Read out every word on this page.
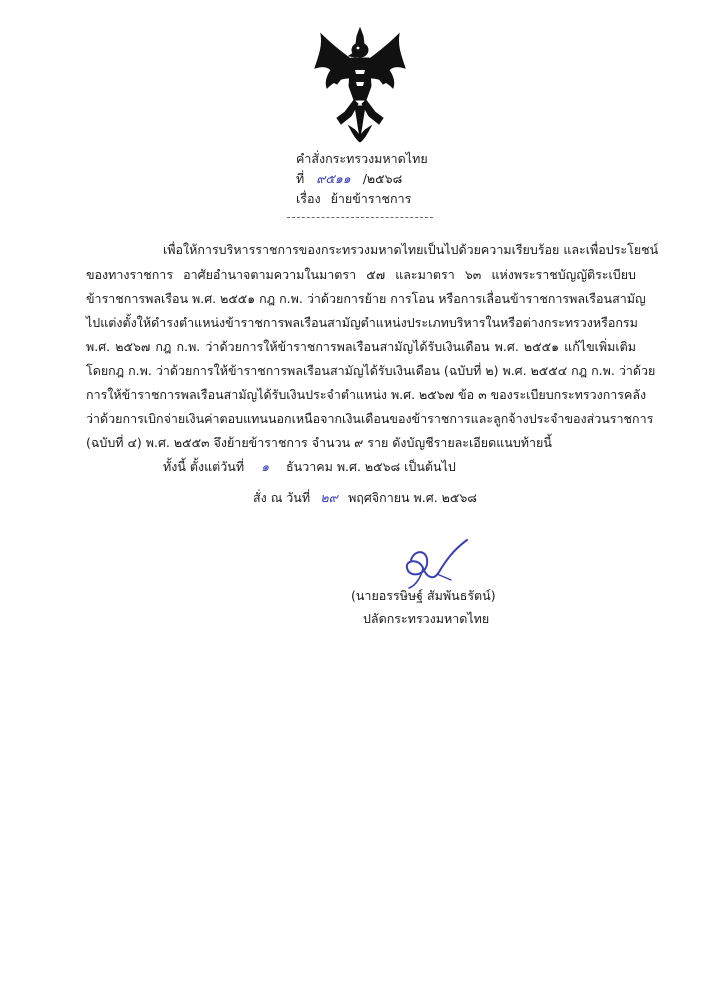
คำสั่งกระทรวงมหาดไทย
ที่ ๙๕๑๑ /๒๕๖๘
เรื่อง ย้ายข้าราชการ
เพื่อให้การบริหารราชการของกระทรวงมหาดไทยเป็นไปด้วยความเรียบร้อย และเพื่อประโยชน์
ของทางราชการ อาศัยอำนาจตามความในมาตรา ๕๗ และมาตรา ๖๓ แห่งพระราชบัญญัติระเบียบ
ข้าราชการพลเรือน พ.ศ. ๒๕๕๑ กฎ ก.พ. ว่าด้วยการย้าย การโอน หรือการเลื่อนข้าราชการพลเรือนสามัญ
ไปแต่งตั้งให้ดำรงตำแหน่งข้าราชการพลเรือนสามัญตำแหน่งประเภทบริหารในหรือต่างกระทรวงหรือกรม
พ.ศ. ๒๕๖๗ กฎ ก.พ. ว่าด้วยการให้ข้าราชการพลเรือนสามัญได้รับเงินเดือน พ.ศ. ๒๕๕๑ แก้ไขเพิ่มเติม
โดยกฎ ก.พ. ว่าด้วยการให้ข้าราชการพลเรือนสามัญได้รับเงินเดือน (ฉบับที่ ๒) พ.ศ. ๒๕๕๔ กฎ ก.พ. ว่าด้วย
การให้ข้าราชการพลเรือนสามัญได้รับเงินประจำตำแหน่ง พ.ศ. ๒๕๖๗ ข้อ ๓ ของระเบียบกระทรวงการคลัง
ว่าด้วยการเบิกจ่ายเงินค่าตอบแทนนอกเหนือจากเงินเดือนของข้าราชการและลูกจ้างประจำของส่วนราชการ
(ฉบับที่ ๔) พ.ศ. ๒๕๕๓ จึงย้ายข้าราชการ จำนวน ๙ ราย ดังบัญชีรายละเอียดแนบท้ายนี้
ทั้งนี้ ตั้งแต่วันที่ ๑ ธันวาคม พ.ศ. ๒๕๖๘ เป็นต้นไป
สั่ง ณ วันที่ ๒๙ พฤศจิกายน พ.ศ. ๒๕๖๘
(นายอรรษิษฐ์ สัมพันธรัตน์)
ปลัดกระทรวงมหาดไทย
